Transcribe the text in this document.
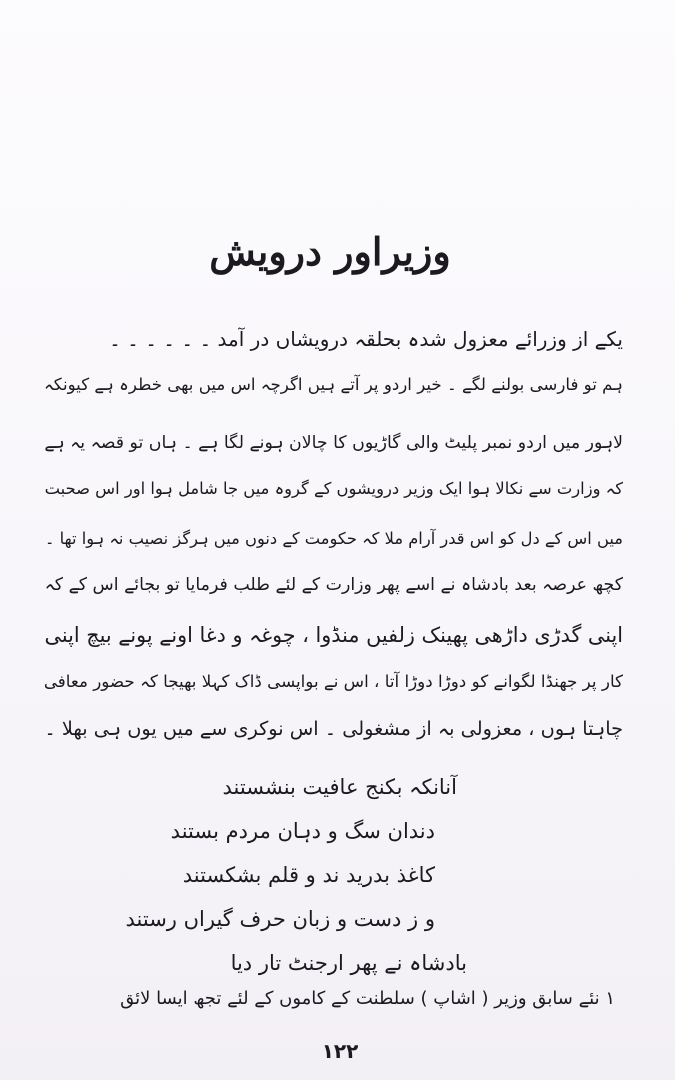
وزیراور درویش
یکے از وزرائے معزول شدہ بحلقہ درویشاں در آمد ۔ ۔ ۔ ۔ ۔ ۔
ہم تو فارسی بولنے لگے ۔ خیر اردو پر آتے ہیں اگرچہ اس میں بھی خطرہ ہے کیونکہ
لاہور میں اردو نمبر پلیٹ والی گاڑیوں کا چالان ہونے لگا ہے ۔ ہاں تو قصہ یہ ہے
کہ وزارت سے نکالا ہوا ایک وزیر درویشوں کے گروہ میں جا شامل ہوا اور اس صحبت
میں اس کے دل کو اس قدر آرام ملا کہ حکومت کے دنوں میں ہرگز نصیب نہ ہوا تھا ۔
کچھ عرصہ بعد بادشاہ نے اسے پھر وزارت کے لئے طلب فرمایا تو بجائے اس کے کہ
اپنی گدڑی داڑھی پھینک زلفیں منڈوا ، چوغہ و دغا اونے پونے بیچ اپنی
کار پر جھنڈا لگوانے کو دوڑا دوڑا آتا ، اس نے بواپسی ڈاک کہلا بھیجا کہ حضور معافی
چاہتا ہوں ، معزولی بہ از مشغولی ۔ اس نوکری سے میں یوں ہی بھلا ۔
آنانکہ بکنج عافیت بنشستند
دندان سگ و دہان مردم بستند
کاغذ بدرید ند و قلم بشکستند
و ز دست و زبان حرف گیراں رستند
بادشاہ نے پھر ارجنٹ تار دیا
۱ نئے سابق وزیر ( اشاپ ) سلطنت کے کاموں کے لئے تجھ ایسا لائق
۱۲۲
